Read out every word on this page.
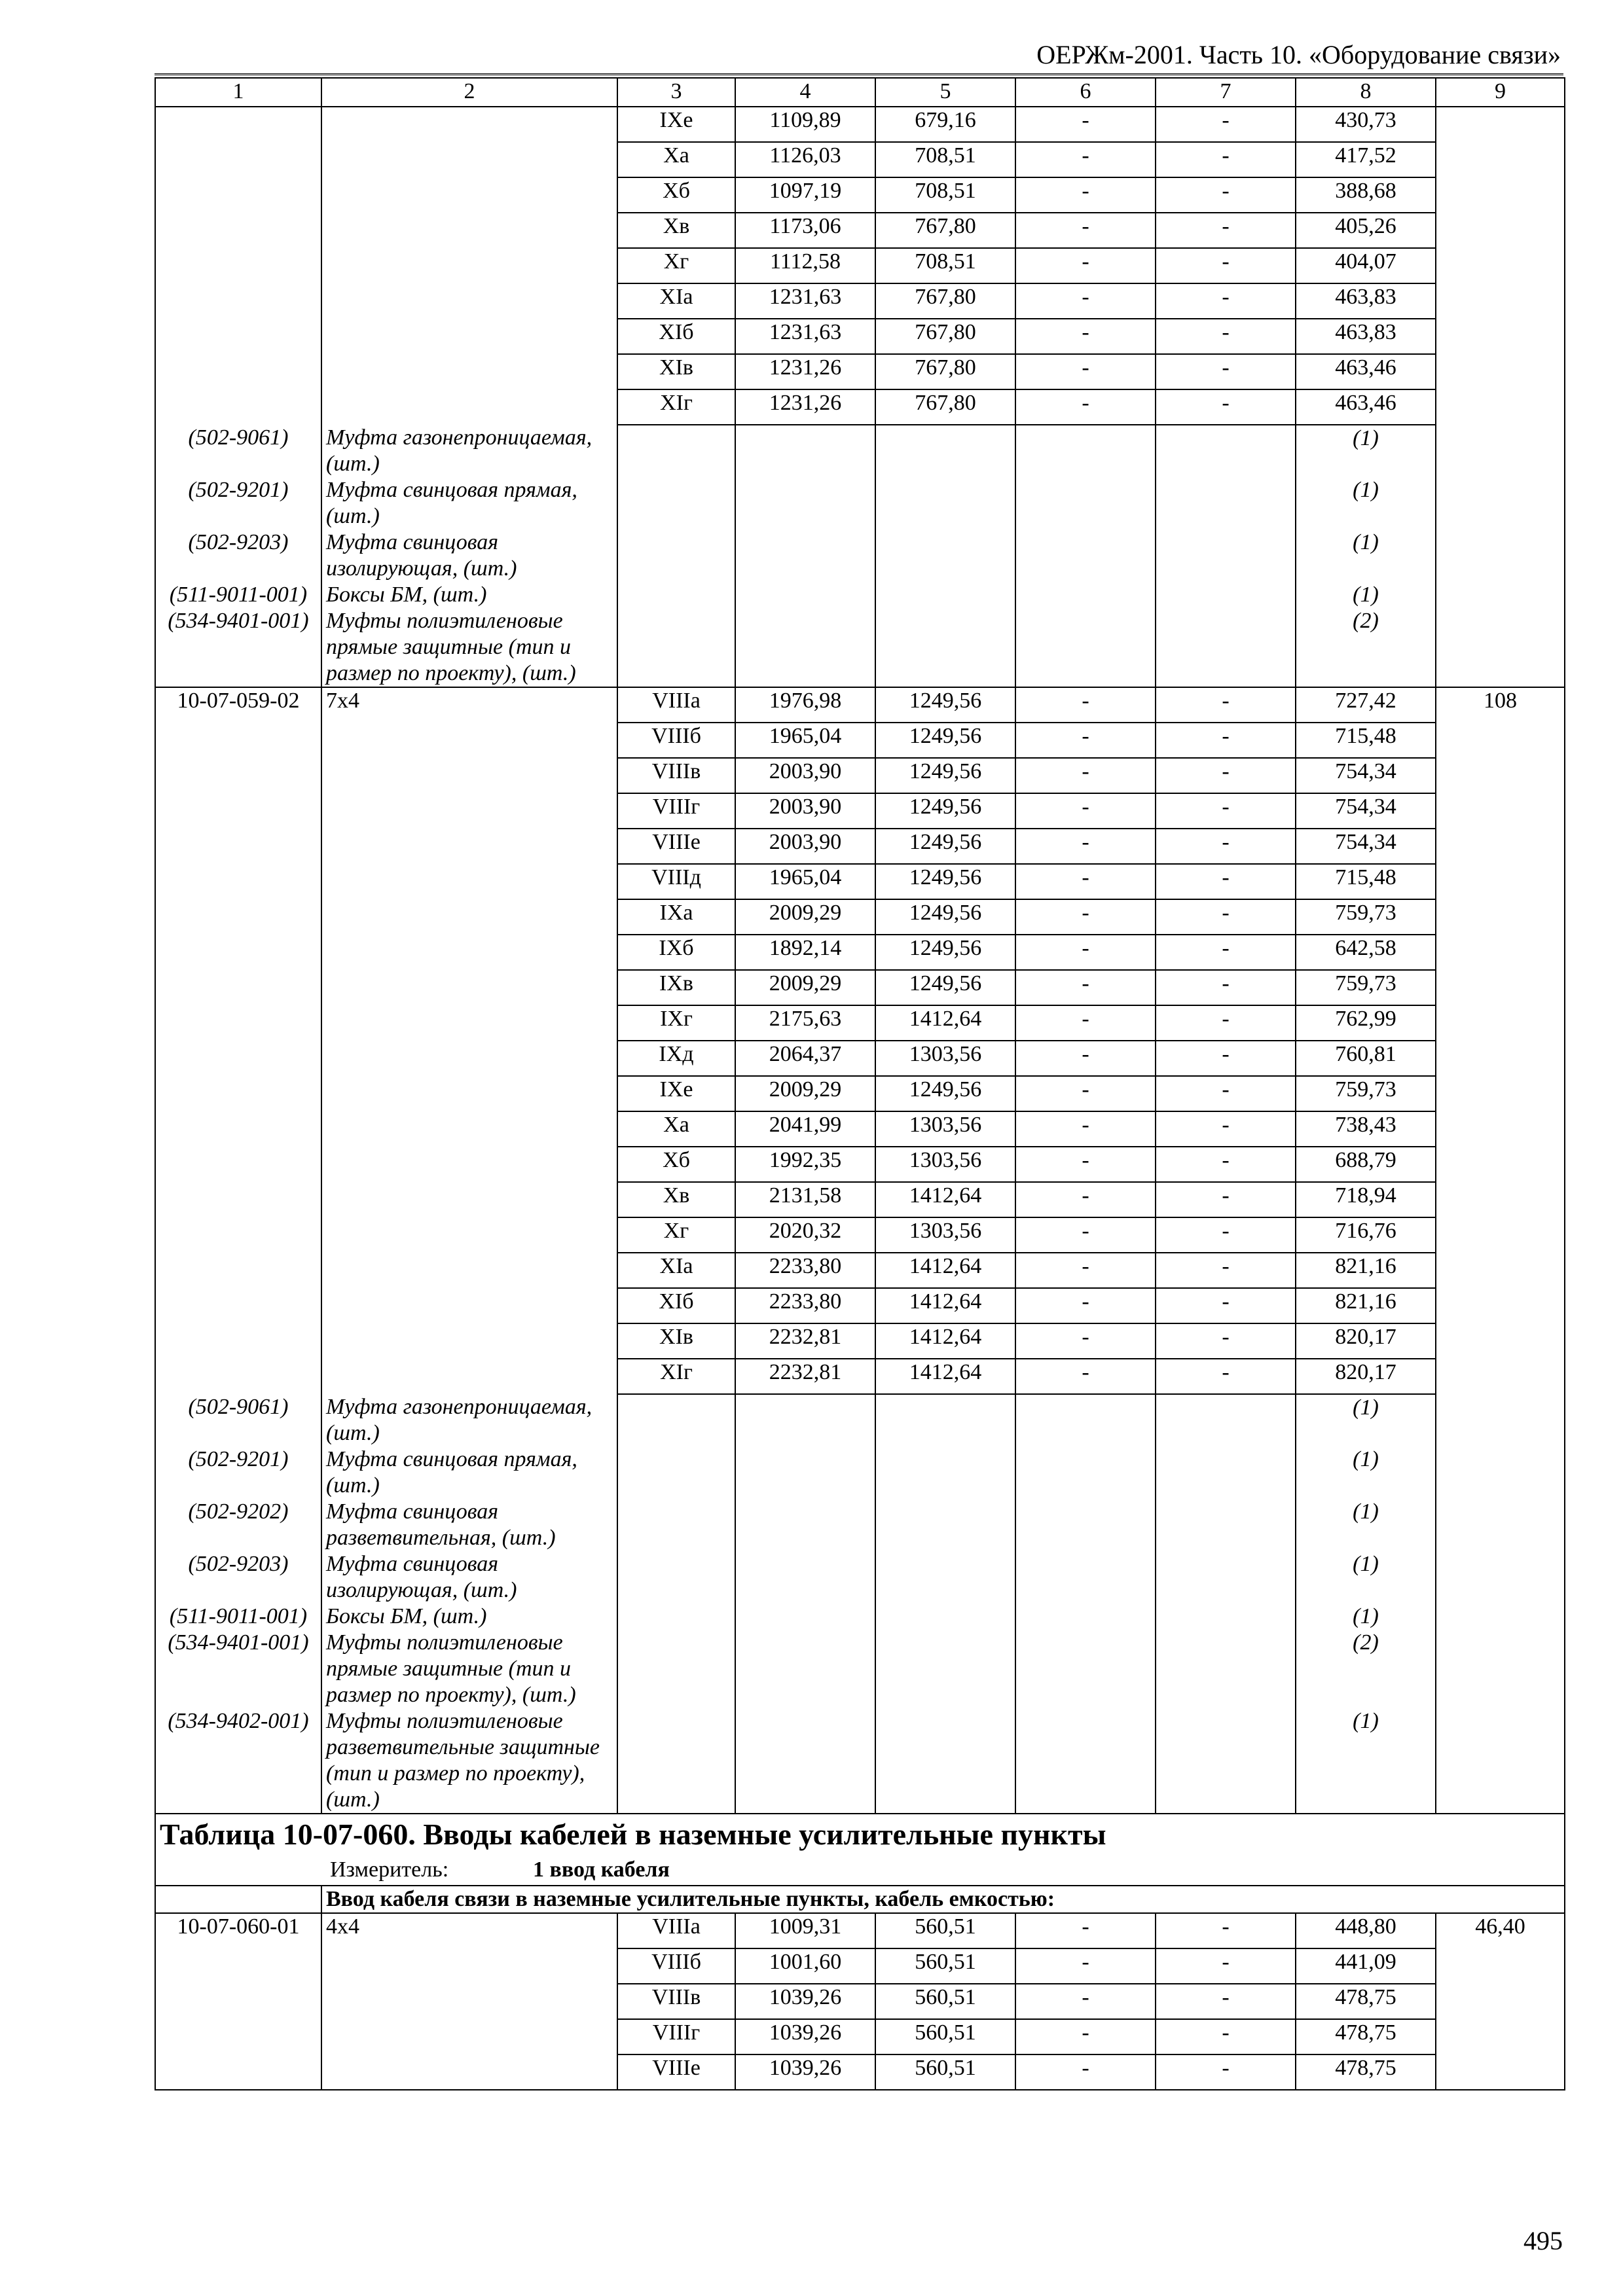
ОЕРЖм-2001. Часть 10. «Оборудование связи»
1	2	3	4	5	6	7	8	9
		IXе	1109,89	679,16	-	-	430,73	
		Xа	1126,03	708,51	-	-	417,52	
		Xб	1097,19	708,51	-	-	388,68	
		Xв	1173,06	767,80	-	-	405,26	
		Xг	1112,58	708,51	-	-	404,07	
		XIа	1231,63	767,80	-	-	463,83	
		XIб	1231,63	767,80	-	-	463,83	
		XIв	1231,26	767,80	-	-	463,46	
		XIг	1231,26	767,80	-	-	463,46	
(502-9061)	Муфта газонепроницаемая, (шт.)						(1)	
(502-9201)	Муфта свинцовая прямая, (шт.)						(1)	
(502-9203)	Муфта свинцовая изолирующая, (шт.)						(1)	
(511-9011-001)	Боксы БМ, (шт.)						(1)	
(534-9401-001)	Муфты полиэтиленовые прямые защитные (тип и размер по проекту), (шт.)						(2)	
10-07-059-02	7x4	VIIIа	1976,98	1249,56	-	-	727,42	108
		VIIIб	1965,04	1249,56	-	-	715,48	
		VIIIв	2003,90	1249,56	-	-	754,34	
		VIIIг	2003,90	1249,56	-	-	754,34	
		VIIIе	2003,90	1249,56	-	-	754,34	
		VIIIд	1965,04	1249,56	-	-	715,48	
		IXа	2009,29	1249,56	-	-	759,73	
		IXб	1892,14	1249,56	-	-	642,58	
		IXв	2009,29	1249,56	-	-	759,73	
		IXг	2175,63	1412,64	-	-	762,99	
		IXд	2064,37	1303,56	-	-	760,81	
		IXе	2009,29	1249,56	-	-	759,73	
		Xа	2041,99	1303,56	-	-	738,43	
		Xб	1992,35	1303,56	-	-	688,79	
		Xв	2131,58	1412,64	-	-	718,94	
		Xг	2020,32	1303,56	-	-	716,76	
		XIа	2233,80	1412,64	-	-	821,16	
		XIб	2233,80	1412,64	-	-	821,16	
		XIв	2232,81	1412,64	-	-	820,17	
		XIг	2232,81	1412,64	-	-	820,17	
(502-9061)	Муфта газонепроницаемая, (шт.)						(1)	
(502-9201)	Муфта свинцовая прямая, (шт.)						(1)	
(502-9202)	Муфта свинцовая разветвительная, (шт.)						(1)	
(502-9203)	Муфта свинцовая изолирующая, (шт.)						(1)	
(511-9011-001)	Боксы БМ, (шт.)						(1)	
(534-9401-001)	Муфты полиэтиленовые прямые защитные (тип и размер по проекту), (шт.)						(2)	
(534-9402-001)	Муфты полиэтиленовые разветвительные защитные (тип и размер по проекту), (шт.)						(1)	

Таблица 10-07-060. Вводы кабелей в наземные усилительные пункты
Измеритель: 1 ввод кабеля								

	Ввод кабеля связи в наземные усилительные пункты, кабель емкостью:							
10-07-060-01	4x4	VIIIа	1009,31	560,51	-	-	448,80	46,40
		VIIIб	1001,60	560,51	-	-	441,09	
		VIIIв	1039,26	560,51	-	-	478,75	
		VIIIг	1039,26	560,51	-	-	478,75	
		VIIIе	1039,26	560,51	-	-	478,75	
495
